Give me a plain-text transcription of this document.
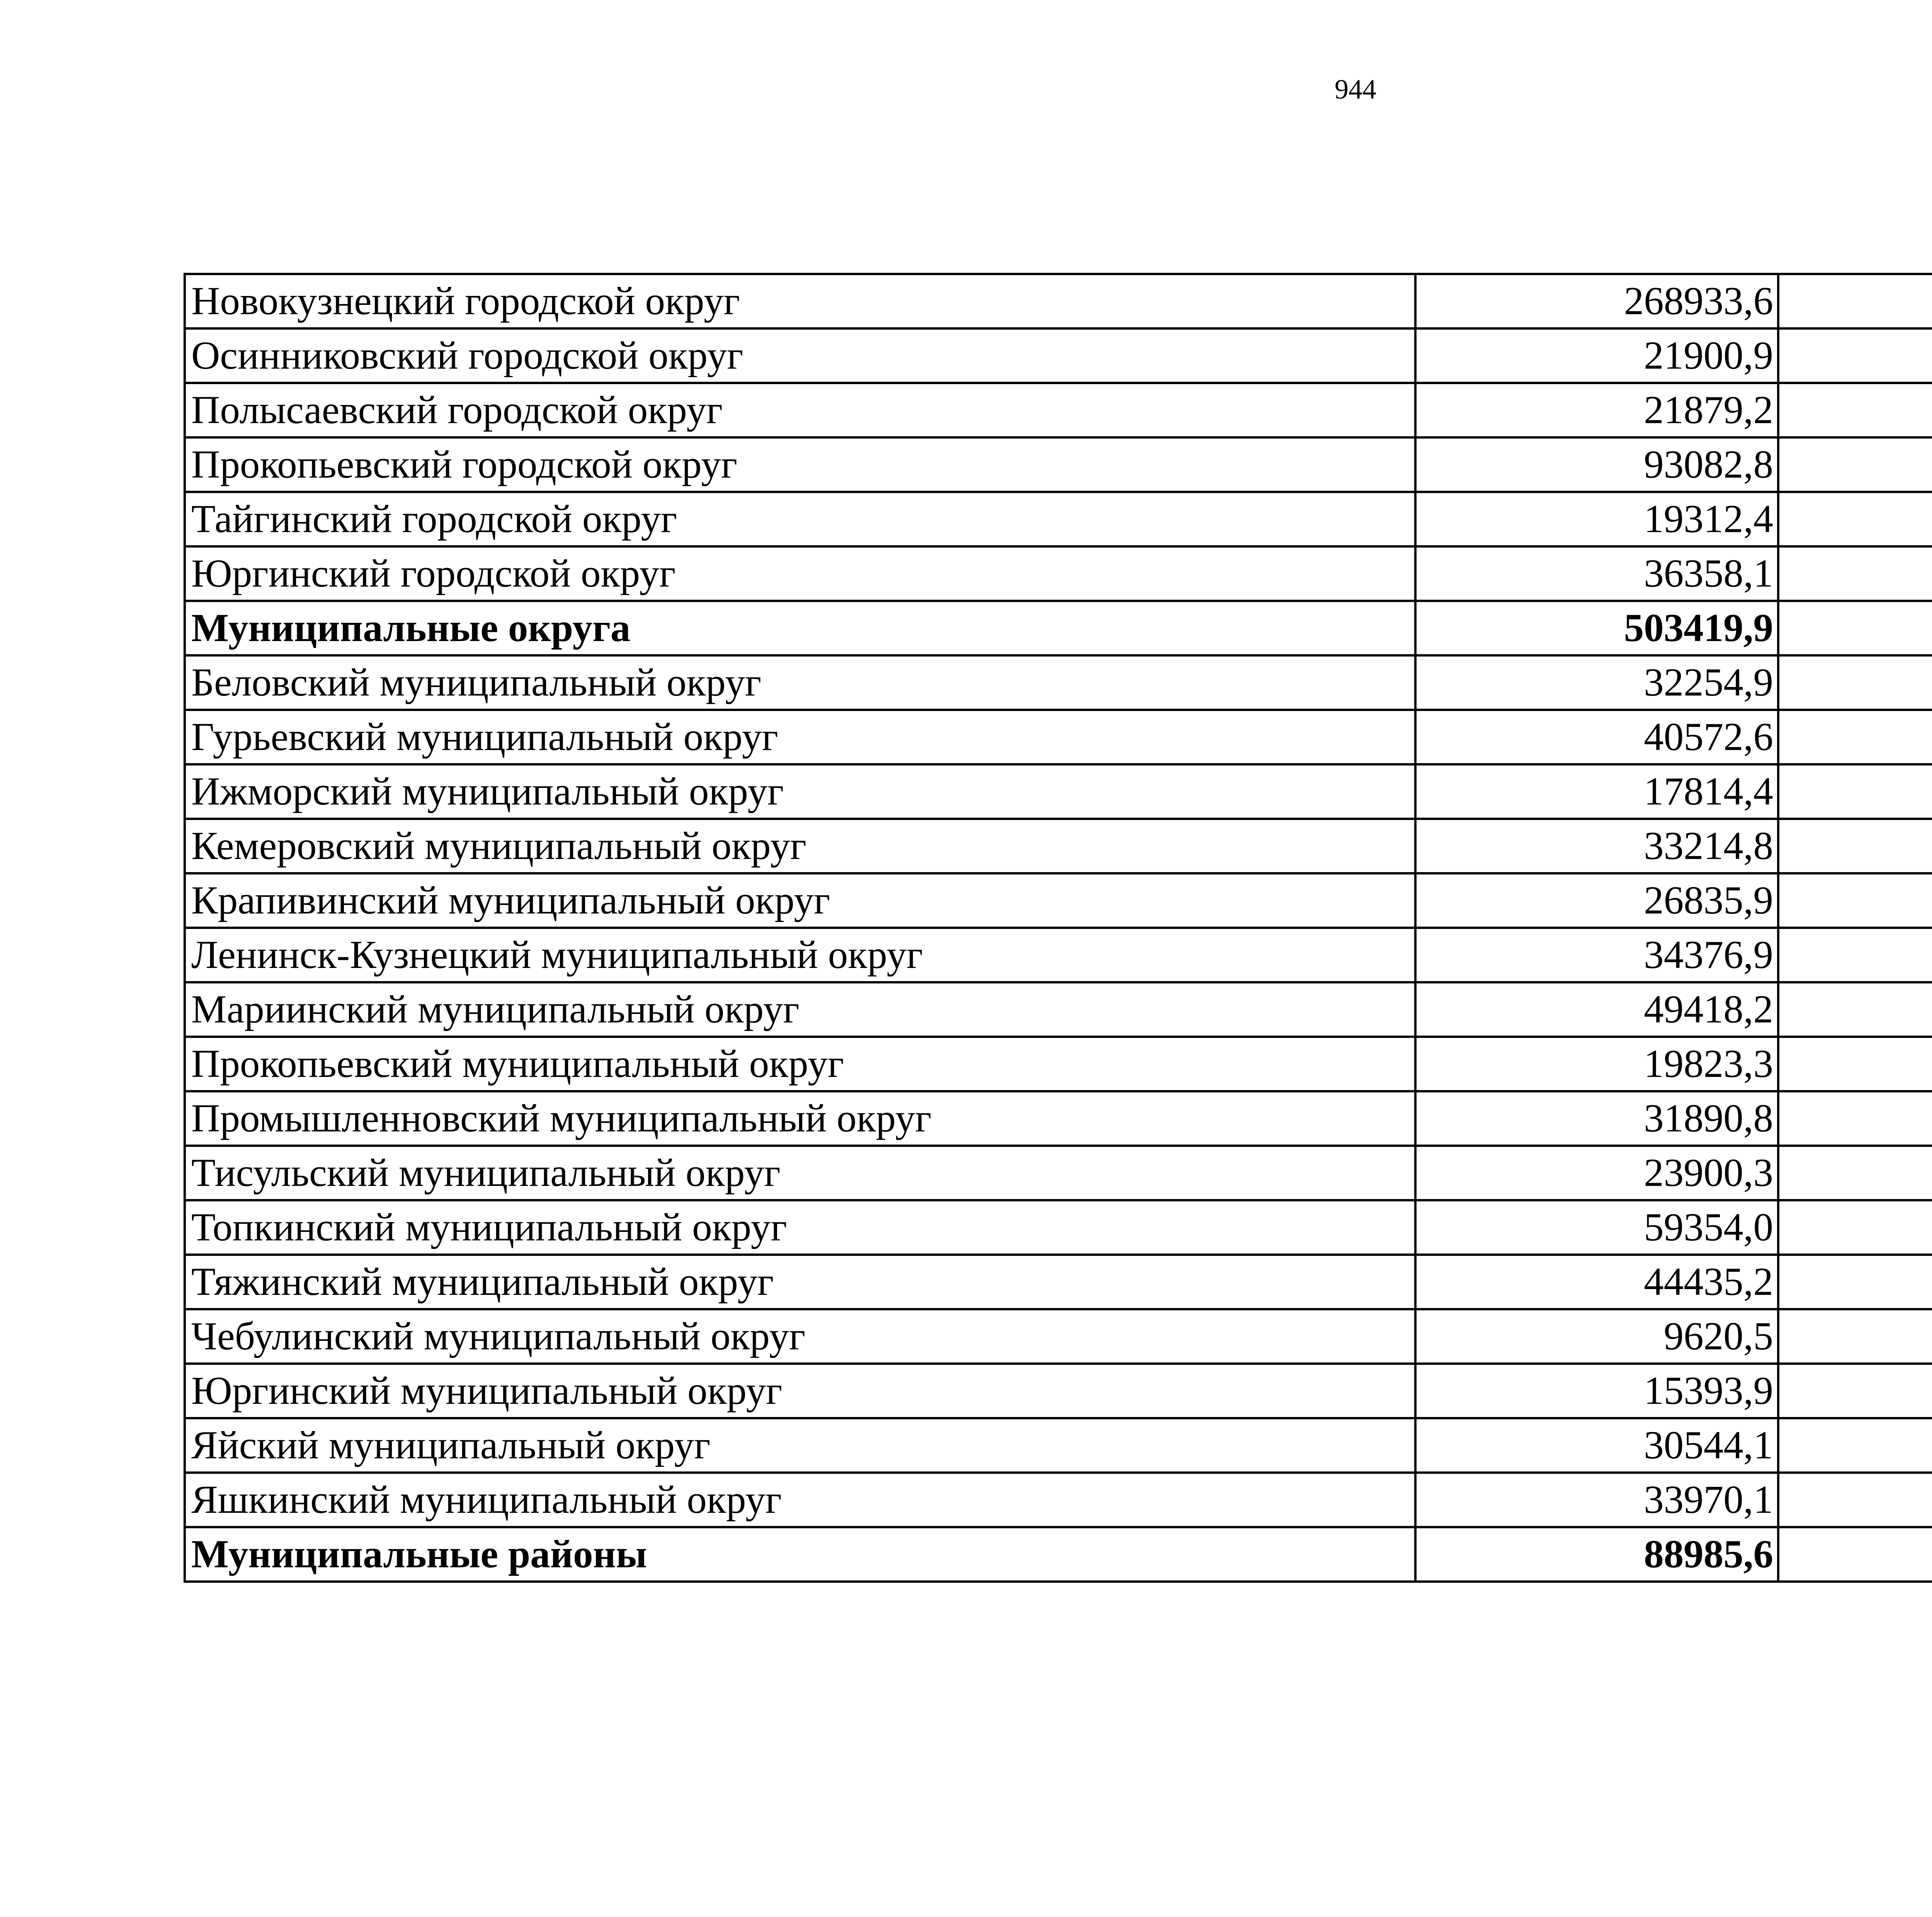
944
Новокузнецкий городской округ	268933,6		
Осинниковский городской округ	21900,9		
Полысаевский городской округ	21879,2		
Прокопьевский городской округ	93082,8		
Тайгинский городской округ	19312,4		
Юргинский городской округ	36358,1		
Муниципальные округа	503419,9		
Беловский муниципальный округ	32254,9		
Гурьевский муниципальный округ	40572,6		
Ижморский муниципальный округ	17814,4		
Кемеровский муниципальный округ	33214,8		
Крапивинский муниципальный округ	26835,9		
Ленинск-Кузнецкий муниципальный округ	34376,9		
Мариинский муниципальный округ	49418,2		
Прокопьевский муниципальный округ	19823,3		
Промышленновский муниципальный округ	31890,8		
Тисульский муниципальный округ	23900,3		
Топкинский муниципальный округ	59354,0		
Тяжинский муниципальный округ	44435,2		
Чебулинский муниципальный округ	9620,5		
Юргинский муниципальный округ	15393,9		
Яйский муниципальный округ	30544,1		
Яшкинский муниципальный округ	33970,1		
Муниципальные районы	88985,6		
